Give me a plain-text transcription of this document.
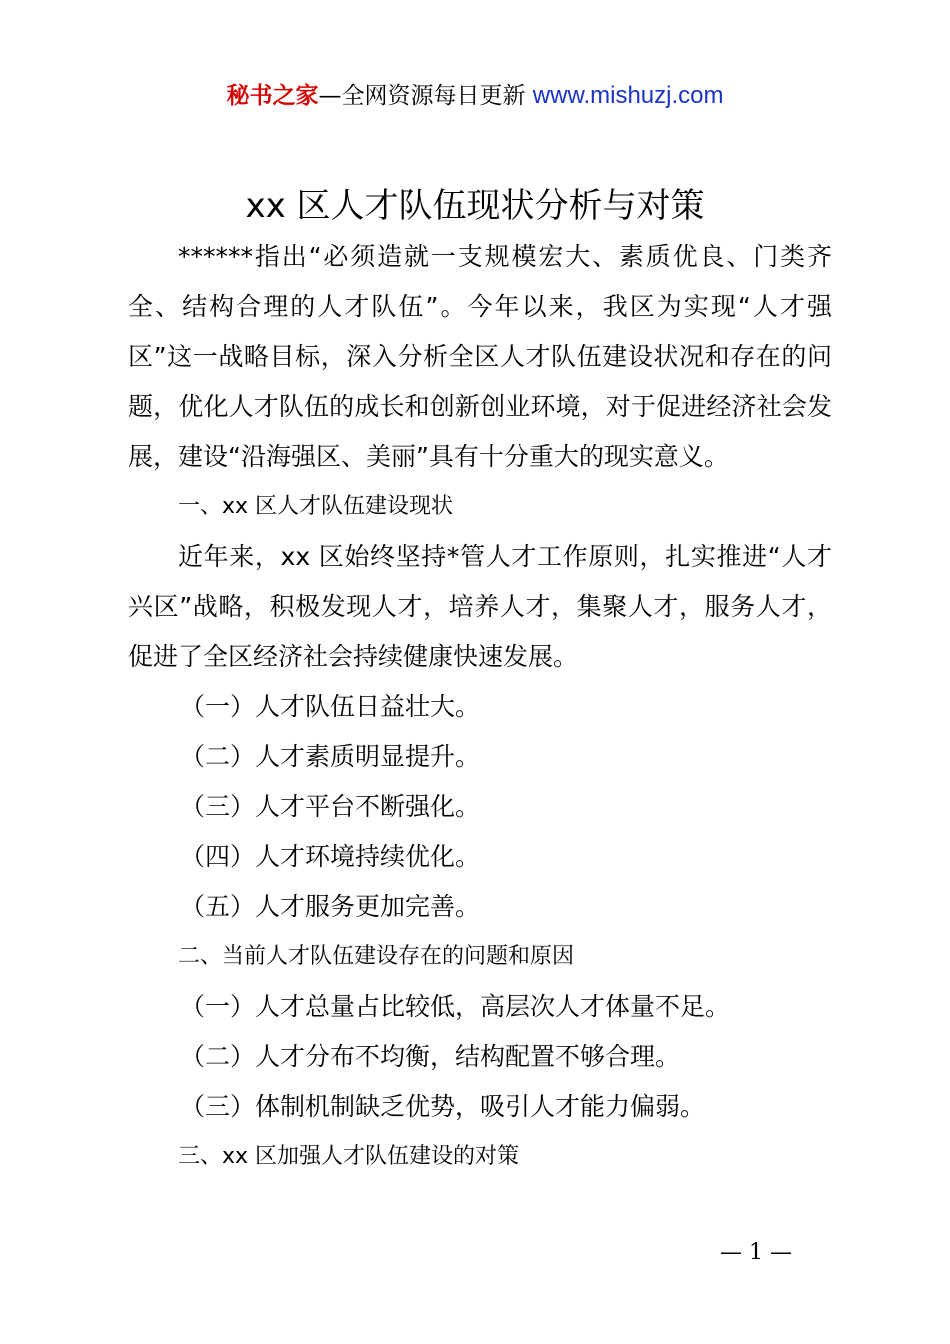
秘书之家—全网资源每日更新 www.mishuzj.com
xx 区人才队伍现状分析与对策

******指出“必须造就一支规模宏大、素质优良、门类齐全、结构合理的人才队伍”。今年以来，我区为实现“人才强区”这一战略目标，深入分析全区人才队伍建设状况和存在的问题，优化人才队伍的成长和创新创业环境，对于促进经济社会发展，建设“沿海强区、美丽”具有十分重大的现实意义。

一、xx 区人才队伍建设现状

近年来，xx 区始终坚持*管人才工作原则，扎实推进“人才兴区”战略，积极发现人才，培养人才，集聚人才，服务人才，促进了全区经济社会持续健康快速发展。

（一）人才队伍日益壮大。

（二）人才素质明显提升。

（三）人才平台不断强化。

（四）人才环境持续优化。

（五）人才服务更加完善。

二、当前人才队伍建设存在的问题和原因

（一）人才总量占比较低，高层次人才体量不足。

（二）人才分布不均衡，结构配置不够合理。

（三）体制机制缺乏优势，吸引人才能力偏弱。

三、xx 区加强人才队伍建设的对策

— 1 —
